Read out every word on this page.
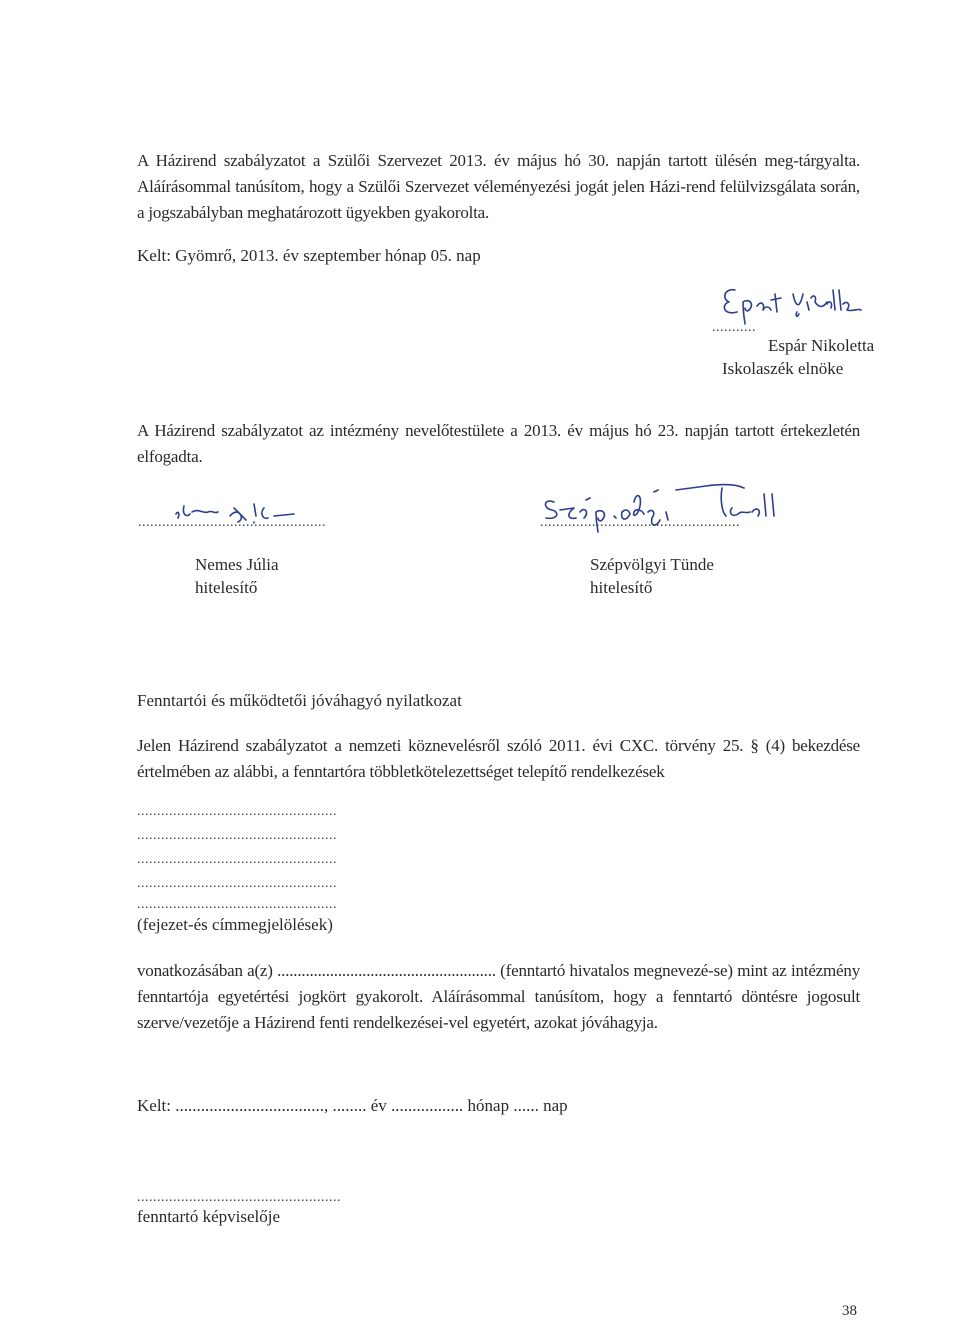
A Házirend szabályzatot a Szülői Szervezet 2013. év május hó 30. napján tartott ülésén meg-tárgyalta. Aláírásommal tanúsítom, hogy a Szülői Szervezet véleményezési jogát jelen Házi-rend felülvizsgálata során, a jogszabályban meghatározott ügyekben gyakorolta.
Kelt: Gyömrő, 2013. év szeptember hónap 05. nap
...........
Espár Nikoletta
Iskolaszék elnöke
A Házirend szabályzatot az intézmény nevelőtestülete a 2013. év május hó 23. napján tartott értekezletén elfogadta.
...............................................	..................................................
Nemes Júlia
hitelesítő
Szépvölgyi Tünde
hitelesítő
Fenntartói és működtetői jóváhagyó nyilatkozat
Jelen Házirend szabályzatot a nemzeti köznevelésről szóló 2011. évi CXC. törvény 25. § (4) bekezdése értelmében az alábbi, a fenntartóra többletkötelezettséget telepítő rendelkezések
..................................................
..................................................
..................................................
..................................................
..................................................
(fejezet-és címmegjelölések)
vonatkozásában a(z) ...................................................... (fenntartó hivatalos megnevezé-se) mint az intézmény fenntartója egyetértési jogkört gyakorolt. Aláírásommal tanúsítom, hogy a fenntartó döntésre jogosult szerve/vezetője a Házirend fenti rendelkezései-vel egyetért, azokat jóváhagyja.
Kelt: ..................................., ........ év ................. hónap ...... nap
...................................................
fenntartó képviselője
38
